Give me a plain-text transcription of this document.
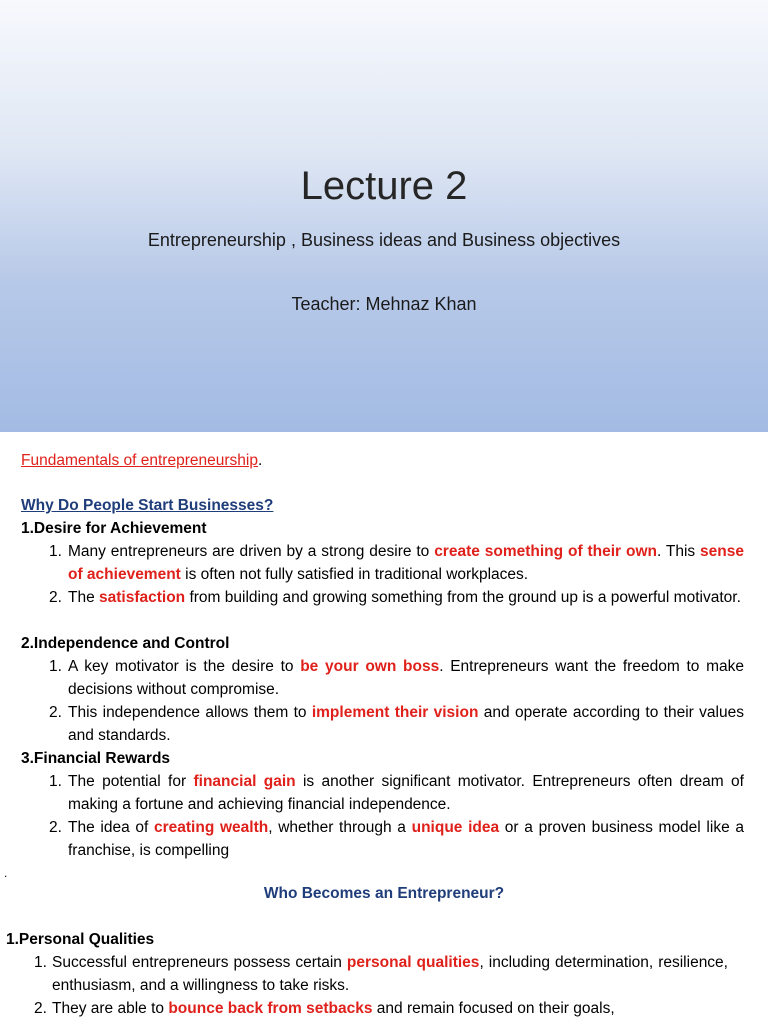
Lecture 2
Entrepreneurship , Business ideas and Business objectives
Teacher: Mehnaz Khan
Fundamentals of entrepreneurship.
Why Do People Start Businesses?
1.Desire for Achievement
1. Many entrepreneurs are driven by a strong desire to create something of their own. This sense of achievement is often not fully satisfied in traditional workplaces.
2. The satisfaction from building and growing something from the ground up is a powerful motivator.
2.Independence and Control
1. A key motivator is the desire to be your own boss. Entrepreneurs want the freedom to make decisions without compromise.
2. This independence allows them to implement their vision and operate according to their values and standards.
3.Financial Rewards
1. The potential for financial gain is another significant motivator. Entrepreneurs often dream of making a fortune and achieving financial independence.
2. The idea of creating wealth, whether through a unique idea or a proven business model like a franchise, is compelling
.
Who Becomes an Entrepreneur?
1.Personal Qualities
1. Successful entrepreneurs possess certain personal qualities, including determination, resilience, enthusiasm, and a willingness to take risks.
2. They are able to bounce back from setbacks and remain focused on their goals,
